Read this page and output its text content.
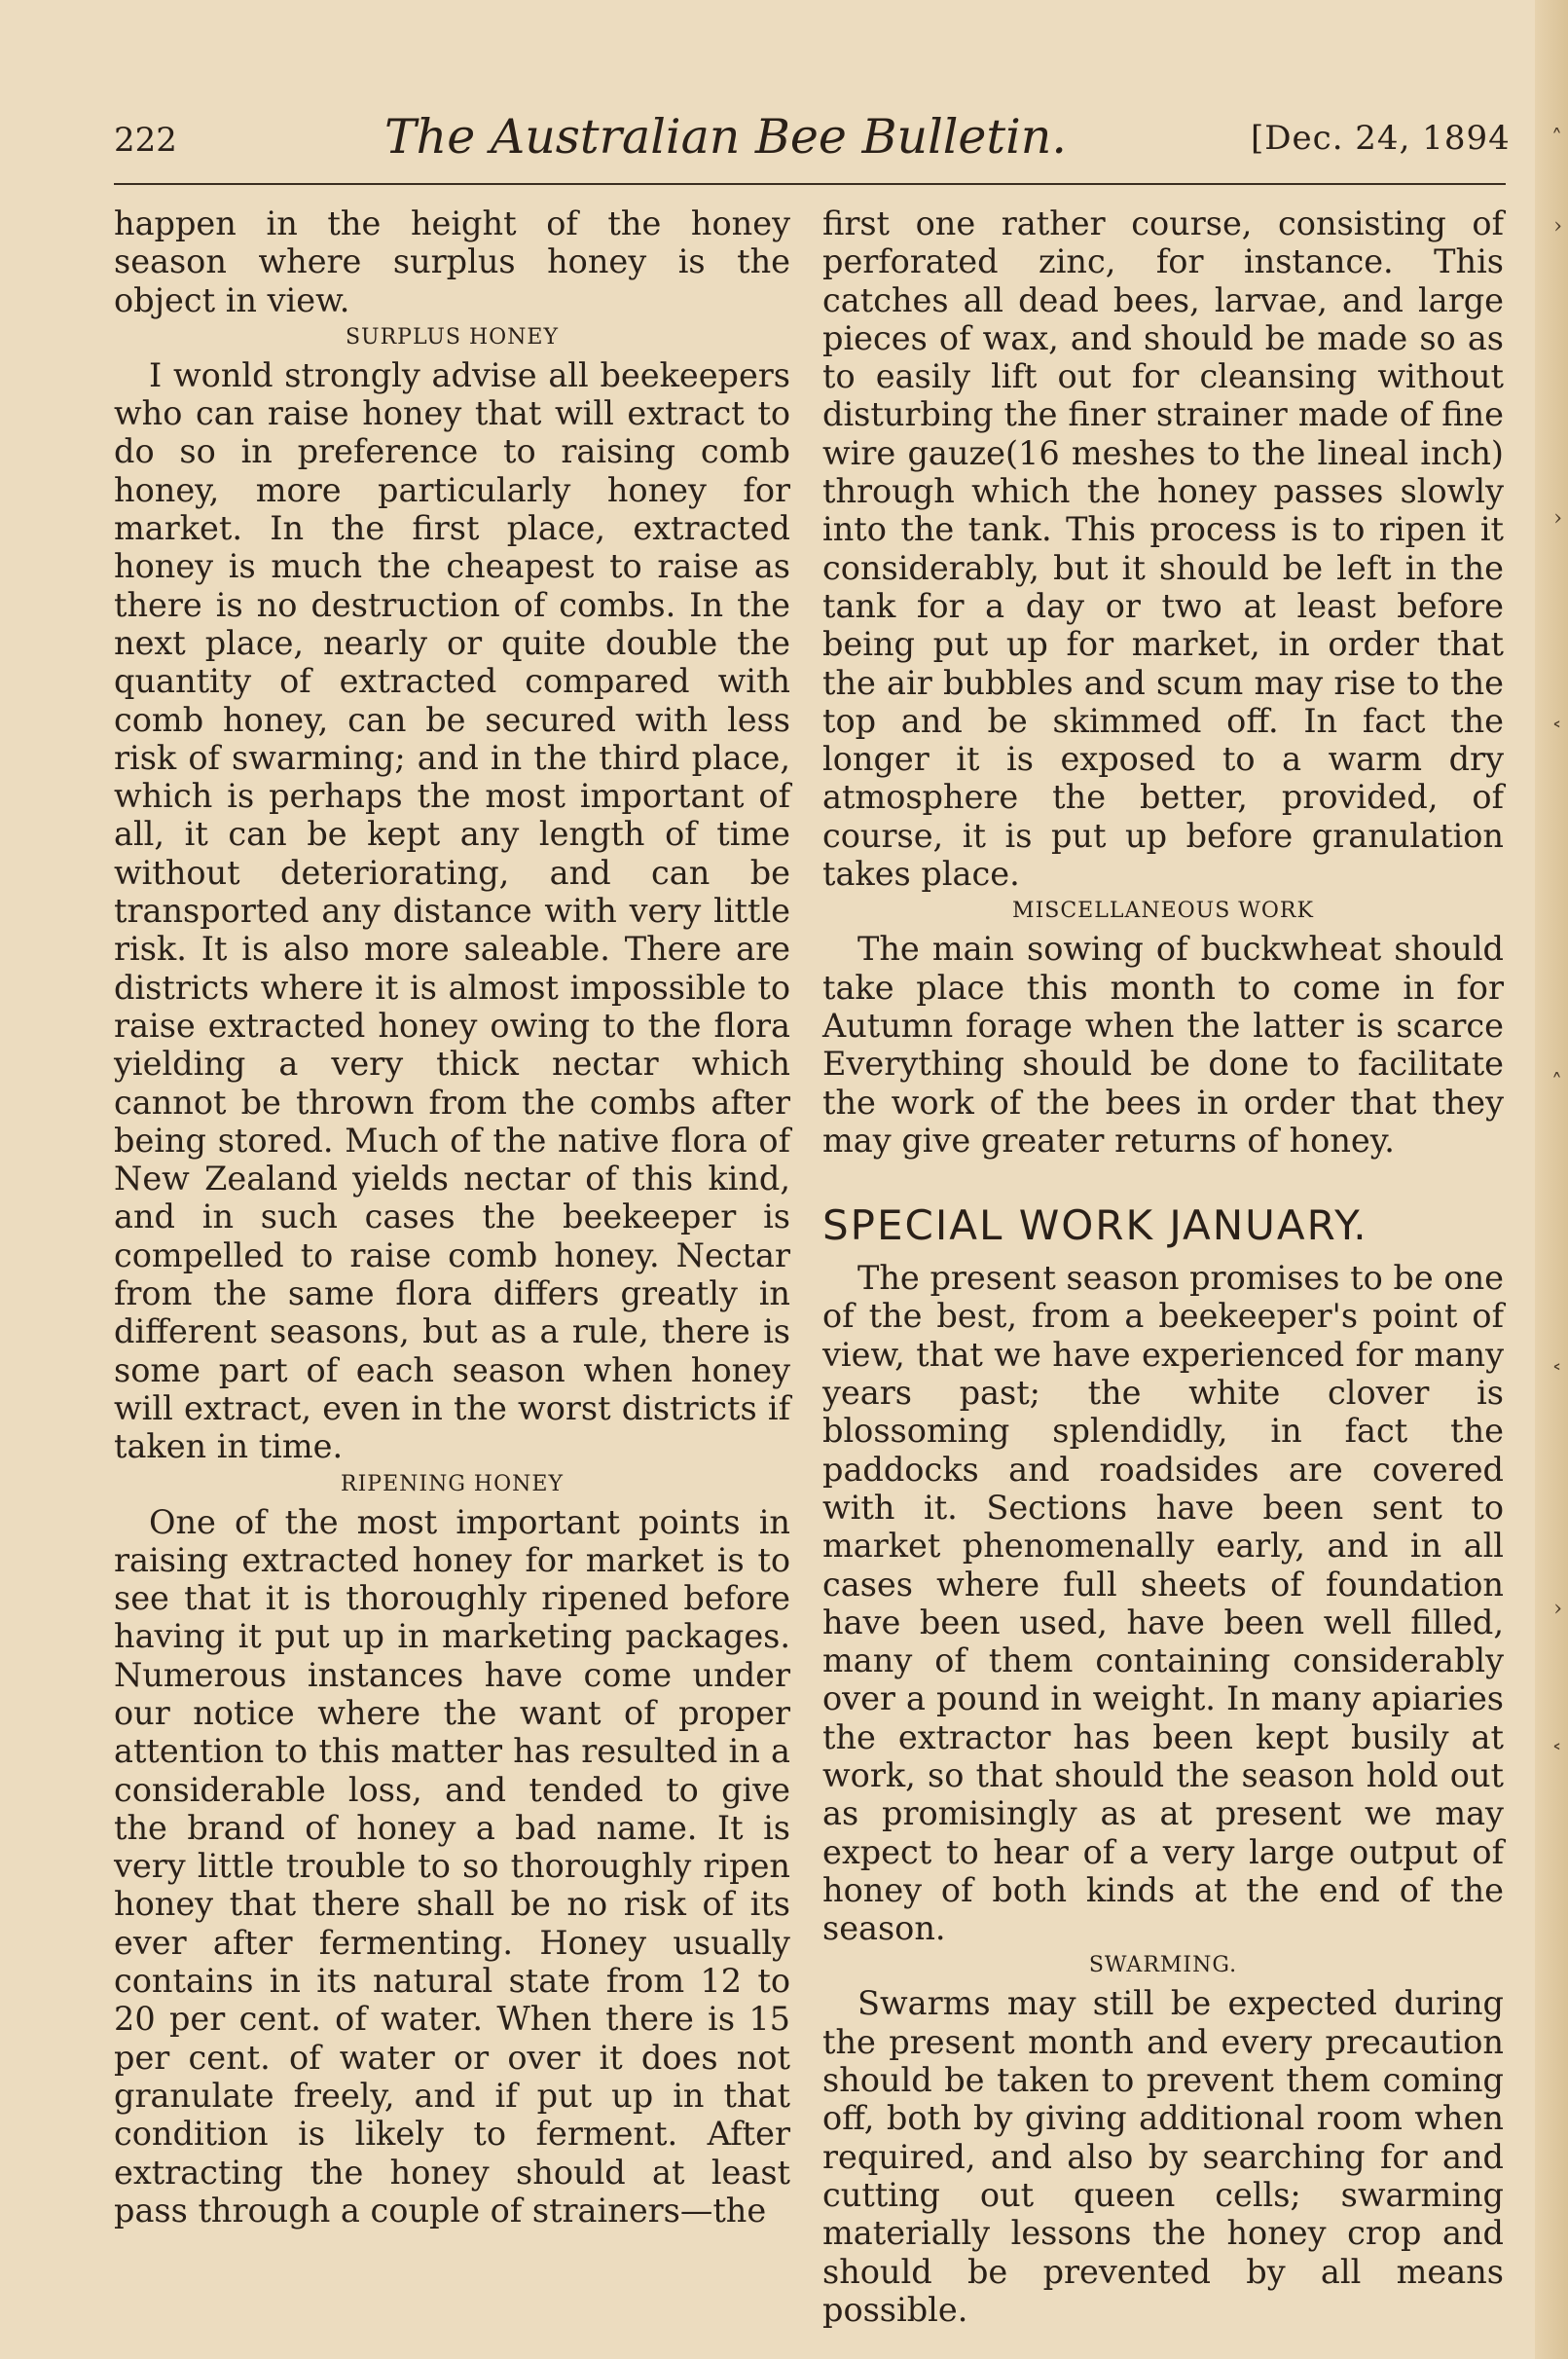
˄
›
›
˂
˄
˂
›
˂
222	The Australian Bee Bulletin.	[Dec. 24, 1894

happen in the height of the honey season where surplus honey is the object in view.

SURPLUS HONEY

I wonld strongly advise all beekeepers who can raise honey that will extract to do so in preference to raising comb honey, more particularly honey for market. In the first place, extracted honey is much the cheapest to raise as there is no destruction of combs. In the next place, nearly or quite double the quantity of extracted compared with comb honey, can be secured with less risk of swarming; and in the third place, which is perhaps the most important of all, it can be kept any length of time without deteriorating, and can be transported any distance with very little risk. It is also more saleable. There are districts where it is almost impossible to raise extracted honey owing to the flora yielding a very thick nectar which cannot be thrown from the combs after being stored. Much of the native flora of New Zealand yields nectar of this kind, and in such cases the beekeeper is compelled to raise comb honey. Nectar from the same flora differs greatly in different seasons, but as a rule, there is some part of each season when honey will extract, even in the worst districts if taken in time.

RIPENING HONEY

One of the most important points in raising extracted honey for market is to see that it is thoroughly ripened before having it put up in marketing packages. Numerous instances have come under our notice where the want of proper attention to this matter has resulted in a considerable loss, and tended to give the brand of honey a bad name. It is very little trouble to so thoroughly ripen honey that there shall be no risk of its ever after fermenting. Honey usually contains in its natural state from 12 to 20 per cent. of water. When there is 15 per cent. of water or over it does not granulate freely, and if put up in that condition is likely to ferment. After extracting the honey should at least pass through a couple of strainers—the

first one rather course, consisting of perforated zinc, for instance. This catches all dead bees, larvae, and large pieces of wax, and should be made so as to easily lift out for cleansing without disturbing the finer strainer made of fine wire gauze(16 meshes to the lineal inch) through which the honey passes slowly into the tank. This process is to ripen it considerably, but it should be left in the tank for a day or two at least before being put up for market, in order that the air bubbles and scum may rise to the top and be skimmed off. In fact the longer it is exposed to a warm dry atmosphere the better, provided, of course, it is put up before granulation takes place.

MISCELLANEOUS WORK

The main sowing of buckwheat should take place this month to come in for Autumn forage when the latter is scarce Everything should be done to facilitate the work of the bees in order that they may give greater returns of honey.

SPECIAL WORK JANUARY.

The present season promises to be one of the best, from a beekeeper's point of view, that we have experienced for many years past; the white clover is blossoming splendidly, in fact the paddocks and roadsides are covered with it. Sections have been sent to market phenomenally early, and in all cases where full sheets of foundation have been used, have been well filled, many of them containing considerably over a pound in weight. In many apiaries the extractor has been kept busily at work, so that should the season hold out as promisingly as at present we may expect to hear of a very large output of honey of both kinds at the end of the season.

SWARMING.

Swarms may still be expected during the present month and every precaution should be taken to prevent them coming off, both by giving additional room when required, and also by searching for and cutting out queen cells; swarming materially lessons the honey crop and should be prevented by all means possible.
